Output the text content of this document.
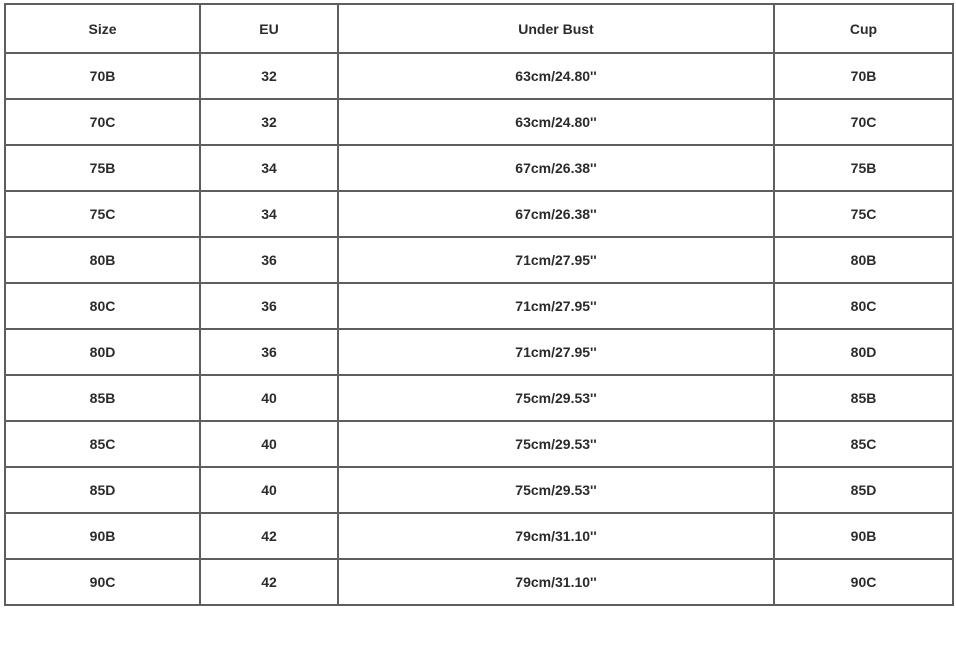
Size	EU	Under Bust	Cup
70B	32	63cm/24.80''	70B
70C	32	63cm/24.80''	70C
75B	34	67cm/26.38''	75B
75C	34	67cm/26.38''	75C
80B	36	71cm/27.95''	80B
80C	36	71cm/27.95''	80C
80D	36	71cm/27.95''	80D
85B	40	75cm/29.53''	85B
85C	40	75cm/29.53''	85C
85D	40	75cm/29.53''	85D
90B	42	79cm/31.10''	90B
90C	42	79cm/31.10''	90C
